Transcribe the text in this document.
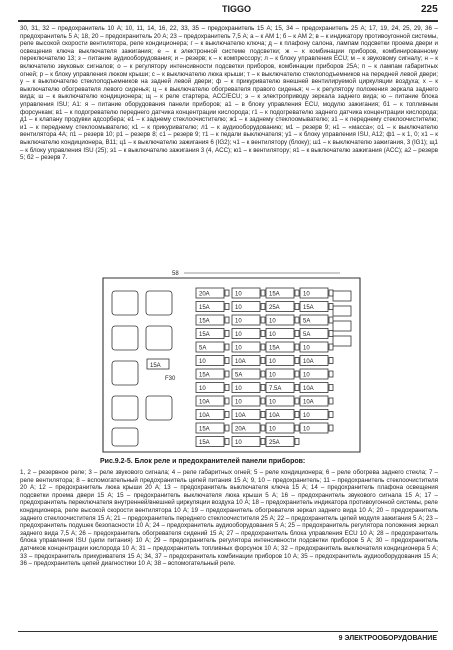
TIGGO	225
30, 31, 32 – предохранитель 10 А; 10, 11, 14, 16, 22, 33, 35 – предохранитель 15 А; 15, 34 – предохранитель 25 А; 17, 19, 24, 25, 29, 36 – предохранитель 5 А; 18, 20 – предохранитель 20 А; 23 – предохранитель 7,5 А; а – к AM 1; б – к AM 2; в – к индикатору противоугонной системы, реле высокой скорости вентилятора, реле кондиционера; г – к выключателю ключа; д – к плафону салона, лампам подсветки проема двери и освещения ключа выключателя зажигания; е – к электронной системе подсветки; ж – к комбинации приборов, комбинированному переключателю 13; з – питание аудиооборудования; и – резерв; к – к компрессору; л – к блоку управления ECU; м – к звуковому сигналу; н – к включателю звуковых сигналов; о – к регулятору интенсивности подсветки приборов, комбинации приборов 25А; п – к лампам габаритных огней; р – к блоку управления люком крыши; с – к выключателю люка крыши; т – к выключателю стеклоподъемников на передней левой двери; у – к выключателю стеклоподъемников на задней левой двери; ф – к прикуривателю внешней вентилируемой циркуляции воздуха; х – к выключателю обогревателя левого сиденья; ц – к выключателю обогревателя правого сиденья; ч – к регулятору положения зеркала заднего вида; ш – к выключателю кондиционера; щ – к реле стартера, ACC/ECU; э – к электроприводу зеркала заднего вида; ю – питание блока управления ISU; А1: я – питание оборудования панели приборов; а1 – в блоку управления ECU, модулю зажигания; б1 – к топливным форсункам; в1 – к подогревателю переднего датчика концентрации кислорода; г1 – к подогревателю заднего датчика концентрации кислорода; д1 – к клапану продувки адсорбера; е1 – к заднему стеклоочистителю; ж1 – к заднему стеклоомывателю; з1 – к переднему стеклоочистителю; и1 – к переднему стеклоомывателю; к1 – к прикуривателю; л1 – к аудиооборудованию; м1 – резерв 9; н1 – «масса»; о1 – к выключателю вентилятора 4А; п1 – резерв 10; р1 – резерв 8; с1 – резерв 9; т1 – к педали выключателя; у1 – к блоку управления ISU, A12; ф1 – к 1, 0; х1 – к выключателю кондиционера, В11; ц1 – к выключателю зажигания 6 (IG2); ч1 – к вентилятору (блоку); ш1 – к выключателю зажигания, 3 (IG1); щ1 – к блоку управления ISU (25); э1 – к выключателю зажигания 3 (4, ACC); ю1 – к вентилятору; я1 – к выключателю зажигания (ACC); а2 – резерв 5; б2 – резерв 7.
58
15A
F30
20A	10	15A	10
15A	10	25A	15A
15A	10	10	5A
15A	10	10	5A
5A	10	15A	10
10	10A	10	10A
15A	5A	10	10
10	10	7.5A	10A
10A	10	10	10A
10A	10A	10A	10
15A	20A	10	10
15A	10	25A
Рис.9.2-5. Блок реле и предохранителей панели приборов:
1, 2 – резервное реле; 3 – реле звукового сигнала; 4 – реле габаритных огней; 5 – реле кондиционера; 6 – реле обогрева заднего стекла; 7 – реле вентилятора; 8 – вспомогательный предохранитель цепей питания 15 А; 9, 10 – предохранитель; 11 – предохранитель стеклоочистителя 20 А; 12 – предохранитель люка крыши 20 А; 13 – предохранитель выключателя ключа 15 А; 14 – предохранитель плафона освещения подсветки проема двери 15 А; 15 – предохранитель выключателя люка крыши 5 А; 16 – предохранитель звукового сигнала 15 А; 17 – предохранитель переключателя внутренней/внешней циркуляции воздуха 10 А; 18 – предохранитель индикатора противоугонной системы, реле кондиционера, реле высокой скорости вентилятора 10 А; 19 – предохранитель обогревателя зеркал заднего вида 10 А; 20 – предохранитель заднего стеклоочистителя 15 А; 21 – предохранитель переднего стеклоочистителя 25 А; 22 – предохранитель цепей модуля зажигания 5 А; 23 – предохранитель подушек безопасности 10 А; 24 – предохранитель аудиооборудования 5 А; 25 – предохранитель регулятора положения зеркал заднего вида 7,5 А; 26 – предохранитель обогревателя сидений 15 А; 27 – предохранитель блока управления ECU 10 А; 28 – предохранитель блока управления ISU (цепи питания) 10 А; 29 – предохранитель регулятора интенсивности подсветки приборов 5 А; 30 – предохранитель датчиков концентрации кислорода 10 А; 31 – предохранитель топливных форсунок 10 А; 32 – предохранитель выключателя кондиционера 5 А; 33 – предохранитель прикуривателя 15 А; 34, 37 – предохранитель комбинации приборов 10 А; 35 – предохранитель аудиооборудования 15 А; 36 – предохранитель цепей диагностики 10 А; 38 – вспомогательный реле.
9 ЭЛЕКТРООБОРУДОВАНИЕ
